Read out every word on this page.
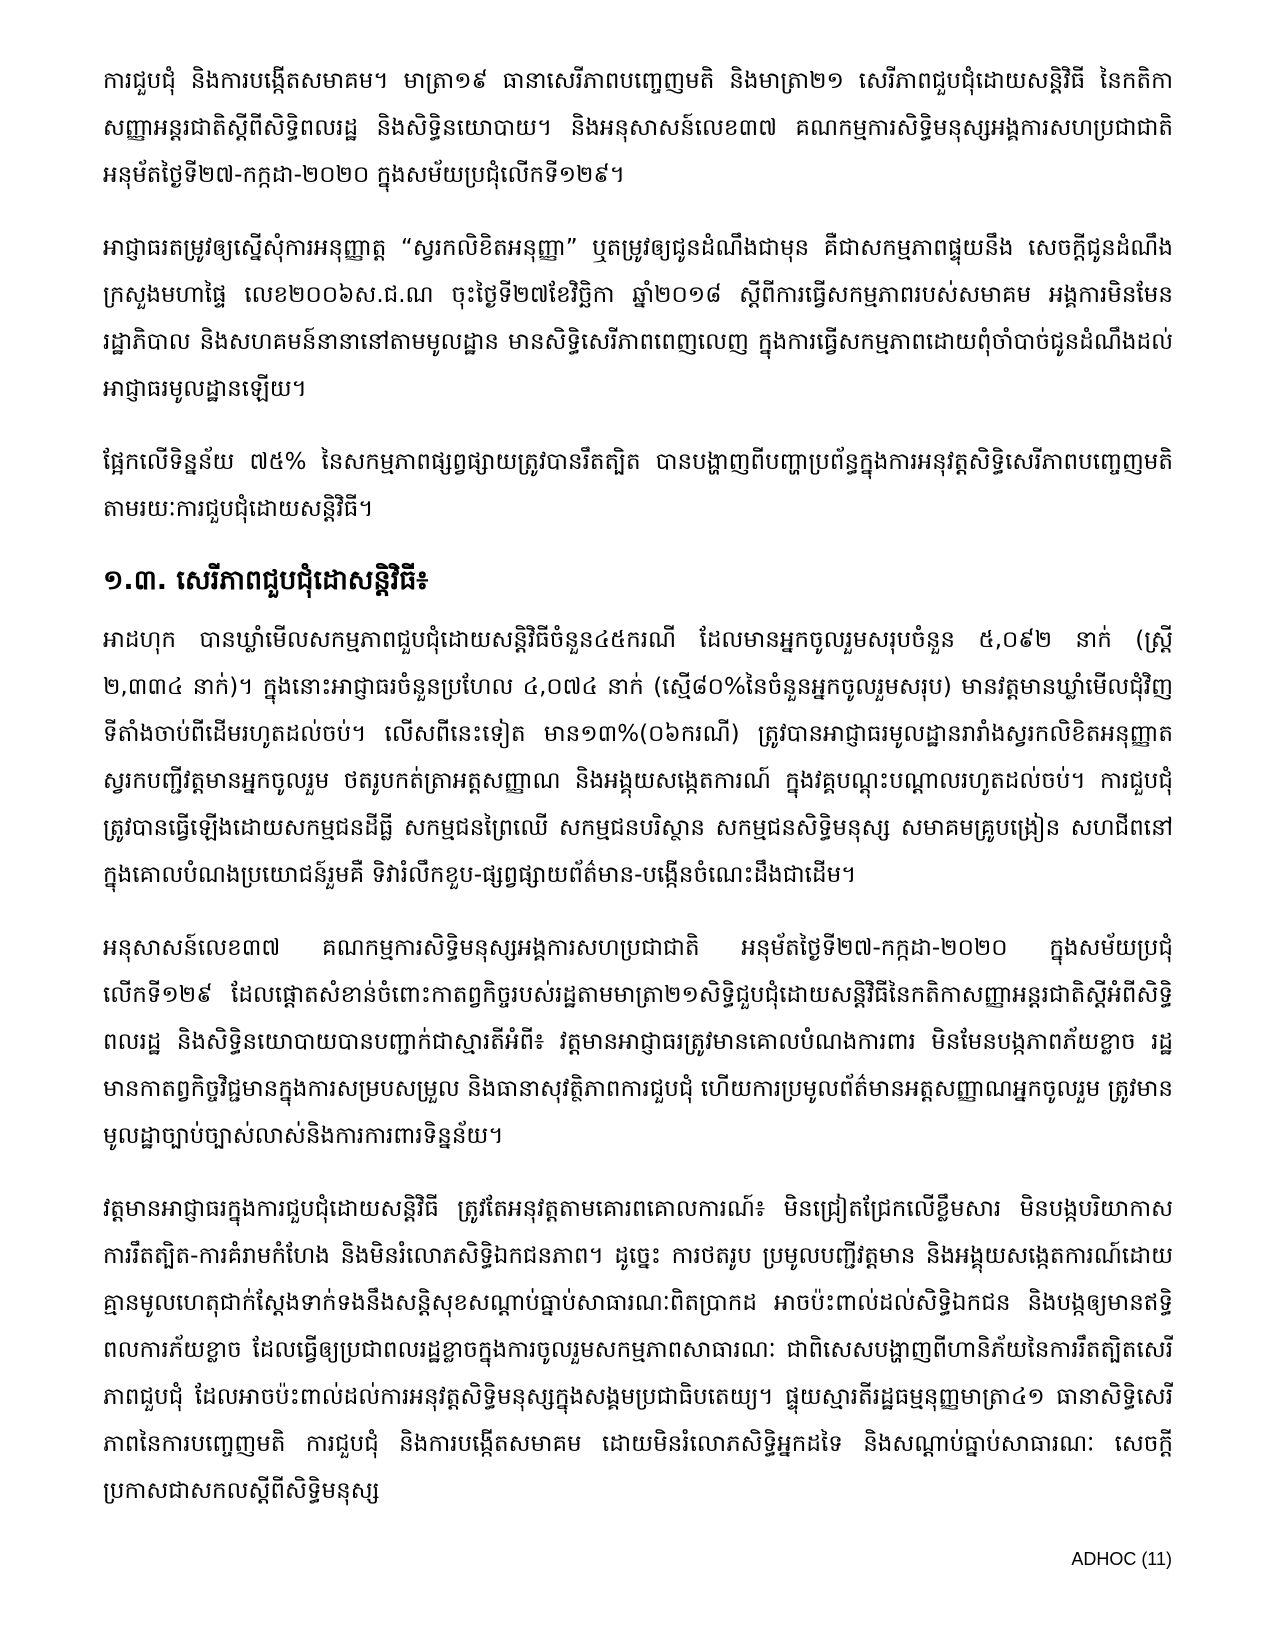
ការជួបជុំ និងការបង្កើតសមាគម។ មាត្រា១៩ ធានាសេរីភាពបញ្ចេញមតិ និងមាត្រា២១ សេរីភាពជួបជុំដោយសន្តិវិធី នៃកតិកាសញ្ញាអន្តរជាតិស្តីពីសិទ្ធិពលរដ្ឋ និងសិទ្ធិនយោបាយ។ និងអនុសាសន៍លេខ៣៧ គណកម្មការសិទ្ធិមនុស្សអង្គការសហប្រជាជាតិ អនុម័តថ្ងៃទី២៧-កក្កដា-២០២០ ក្នុងសម័យប្រជុំលើកទី១២៩។

អាជ្ញាធរតម្រូវឲ្យស្នើសុំការអនុញ្ញាត្ត “ស្វរកលិខិតអនុញ្ញា” ឬតម្រូវឲ្យជូនដំណឹងជាមុន គឺជាសកម្មភាពផ្ទុយនឹង សេចក្តីជូនដំណឹងក្រសួងមហាផ្ទៃ លេខ២០០៦ស.ជ.ណ ចុះថ្ងៃទី២៧ខែវិច្ឆិកា ឆ្នាំ២០១៨ ស្តីពីការធ្វើសកម្មភាពរបស់សមាគម អង្គការមិនមែនរដ្ឋាភិបាល និងសហគមន៍នានានៅតាមមូលដ្ឋាន មានសិទ្ធិសេរីភាពពេញលេញ ក្នុងការធ្វើសកម្មភាពដោយពុំចាំបាច់ជូនដំណឹងដល់អាជ្ញាធរមូលដ្ឋានឡើយ។

ផ្អែកលើទិន្នន័យ ៧៥% នៃសកម្មភាពផ្សព្វផ្សាយត្រូវបានរឹតត្បិត បានបង្ហាញពីបញ្ហាប្រព័ន្ធក្នុងការអនុវត្តសិទ្ធិសេរីភាពបញ្ចេញមតិតាមរយៈការជួបជុំដោយសន្តិវិធី។

១.៣. សេរីភាពជួបជុំដោសន្តិវិធី៖

អាដហុក បានឃ្លាំមើលសកម្មភាពជួបជុំដោយសន្តិវិធីចំនួន៤៥ករណី ដែលមានអ្នកចូលរួមសរុបចំនួន ៥,០៩២ នាក់ (ស្ត្រី ២,៣៣៤ នាក់)។ ក្នុងនោះអាជ្ញាធរចំនួនប្រហែល ៤,០៧៤ នាក់ (ស្មើ៨០%នៃចំនួនអ្នកចូលរួមសរុប) មានវត្តមានឃ្លាំមើលជុំវិញទីតាំងចាប់ពីដើមរហូតដល់ចប់។ លើសពីនេះទៀត មាន១៣%(០៦ករណី) ត្រូវបានអាជ្ញាធរមូលដ្ឋានរារាំងស្វរកលិខិតអនុញ្ញាត ស្វរកបញ្ជីវត្តមានអ្នកចូលរួម ថតរូបកត់ត្រាអត្តសញ្ញាណ និងអង្គុយសង្កេតការណ៍ ក្នុងវគ្គបណ្តុះបណ្តាលរហូតដល់ចប់។ ការជួបជុំត្រូវបានធ្វើឡើងដោយសកម្មជនដីធ្លី សកម្មជនព្រៃឈើ សកម្មជនបរិស្ថាន សកម្មជនសិទ្ធិមនុស្ស សមាគមគ្រូបង្រៀន សហជីពនៅក្នុងគោលបំណងប្រយោជន៍រួមគឺ ទិវារំលឹកខួប-ផ្សព្វផ្សាយព័ត៌មាន-បង្កើនចំណេះដឹងជាដើម។

អនុសាសន៍លេខ៣៧ គណកម្មការសិទ្ធិមនុស្សអង្គការសហប្រជាជាតិ អនុម័តថ្ងៃទី២៧-កក្កដា-២០២០ ក្នុងសម័យប្រជុំលើកទី១២៩ ដែលផ្តោតសំខាន់ចំពោះកាតព្វកិច្ចរបស់រដ្ឋតាមមាត្រា២១សិទ្ធិជួបជុំដោយសន្តិវិធីនៃកតិកាសញ្ញាអន្តរជាតិស្តីអំពីសិទ្ធិពលរដ្ឋ និងសិទ្ធិនយោបាយបានបញ្ជាក់ជាស្មារតីអំពី៖ វត្តមានអាជ្ញាធរត្រូវមានគោលបំណងការពារ មិនមែនបង្កភាពភ័យខ្លាច រដ្ឋមានកាតព្វកិច្ចវិជ្ជមានក្នុងការសម្របសម្រួល និងធានាសុវត្ថិភាពការជួបជុំ ហើយការប្រមូលព័ត៌មានអត្តសញ្ញាណអ្នកចូលរួម ត្រូវមានមូលដ្ឋាច្បាប់ច្បាស់លាស់និងការការពារទិន្នន័យ។

វត្តមានអាជ្ញាធរក្នុងការជួបជុំដោយសន្តិវិធី ត្រូវតែអនុវត្តតាមគោរពគោលការណ៍៖ មិនជ្រៀតជ្រែកលើខ្លឹមសារ មិនបង្កបរិយាកាស ការរឹតត្បិត-ការគំរាមកំហែង និងមិនរំលោភសិទ្ធិឯកជនភាព។ ដូច្នេះ ការថតរូប ប្រមូលបញ្ជីវត្តមាន និងអង្គុយសង្កេតការណ៍ដោយគ្មានមូលហេតុជាក់ស្តែងទាក់ទងនឹងសន្តិសុខសណ្តាប់ធ្នាប់សាធារណៈពិតប្រាកដ អាចប៉ះពាល់ដល់សិទ្ធិឯកជន និងបង្កឲ្យមានឥទ្ធិពលការភ័យខ្លាច ដែលធ្វើឲ្យប្រជាពលរដ្ឋខ្លាចក្នុងការចូលរួមសកម្មភាពសាធារណៈ ជាពិសេសបង្ហាញពីហានិភ័យនៃការរឹតត្បិតសេរីភាពជួបជុំ ដែលអាចប៉ះពាល់ដល់ការអនុវត្តសិទ្ធិមនុស្សក្នុងសង្គមប្រជាធិបតេយ្យ។ ផ្ទុយស្មារតីរដ្ឋធម្មនុញ្ញមាត្រា៤១ ធានាសិទ្ធិសេរីភាពនៃការបញ្ចេញមតិ ការជួបជុំ និងការបង្កើតសមាគម ដោយមិនរំលោភសិទ្ធិអ្នកដទៃ និងសណ្តាប់ធ្នាប់សាធារណៈ សេចក្តីប្រកាសជាសកលស្តីពីសិទ្ធិមនុស្ស

ADHOC (11)
